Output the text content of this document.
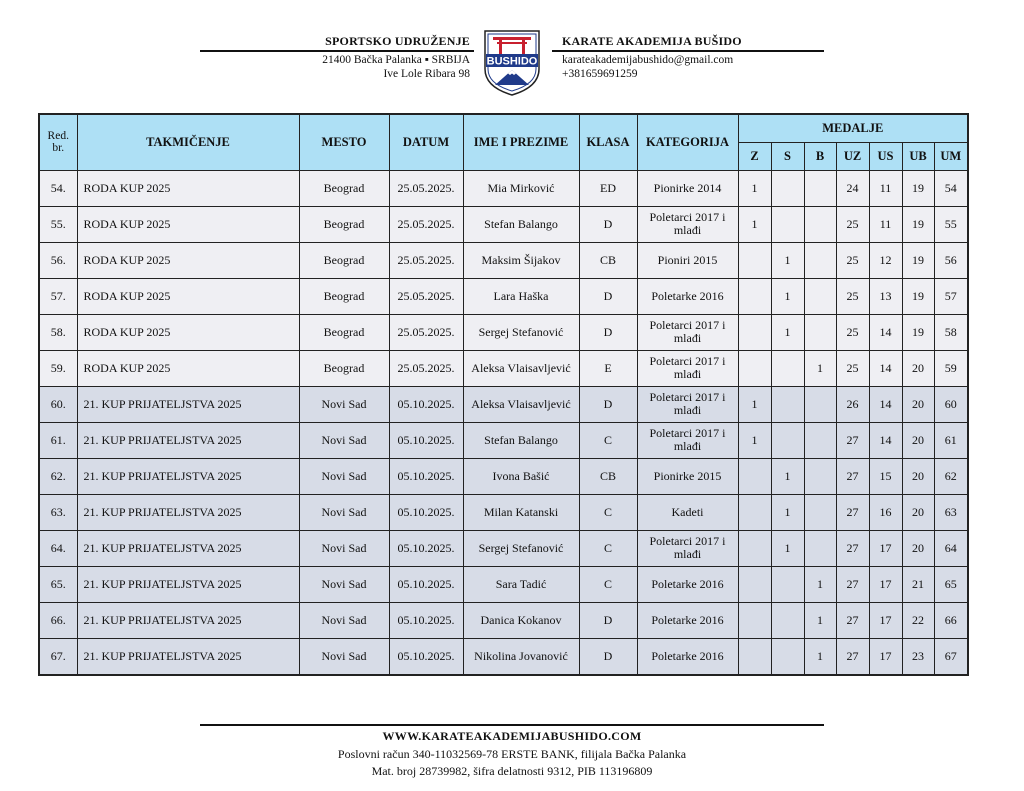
SPORTSKO UDRUŽENJE
21400 Bačka Palanka ▪ SRBIJA
Ive Lole Ribara 98
BUSHIDO
KARATE AKADEMIJA BUŠIDO
karateakademijabushido@gmail.com
+381659691259
Red. br.	TAKMIČENJE	MESTO	DATUM	IME I PREZIME	KLASA	KATEGORIJA	MEDALJE						
							Z	S	B	UZ	US	UB	UM
54.	RODA KUP 2025	Beograd	25.05.2025.	Mia Mirković	ED	Pionirke 2014	1			24	11	19	54
55.	RODA KUP 2025	Beograd	25.05.2025.	Stefan Balango	D	Poletarci 2017 i mlađi	1			25	11	19	55
56.	RODA KUP 2025	Beograd	25.05.2025.	Maksim Šijakov	CB	Pioniri 2015		1		25	12	19	56
57.	RODA KUP 2025	Beograd	25.05.2025.	Lara Haška	D	Poletarke 2016		1		25	13	19	57
58.	RODA KUP 2025	Beograd	25.05.2025.	Sergej Stefanović	D	Poletarci 2017 i mlađi		1		25	14	19	58
59.	RODA KUP 2025	Beograd	25.05.2025.	Aleksa Vlaisavljević	E	Poletarci 2017 i mlađi			1	25	14	20	59
60.	21. KUP PRIJATELJSTVA 2025	Novi Sad	05.10.2025.	Aleksa Vlaisavljević	D	Poletarci 2017 i mlađi	1			26	14	20	60
61.	21. KUP PRIJATELJSTVA 2025	Novi Sad	05.10.2025.	Stefan Balango	C	Poletarci 2017 i mlađi	1			27	14	20	61
62.	21. KUP PRIJATELJSTVA 2025	Novi Sad	05.10.2025.	Ivona Bašić	CB	Pionirke 2015		1		27	15	20	62
63.	21. KUP PRIJATELJSTVA 2025	Novi Sad	05.10.2025.	Milan Katanski	C	Kadeti		1		27	16	20	63
64.	21. KUP PRIJATELJSTVA 2025	Novi Sad	05.10.2025.	Sergej Stefanović	C	Poletarci 2017 i mlađi		1		27	17	20	64
65.	21. KUP PRIJATELJSTVA 2025	Novi Sad	05.10.2025.	Sara Tadić	C	Poletarke 2016			1	27	17	21	65
66.	21. KUP PRIJATELJSTVA 2025	Novi Sad	05.10.2025.	Danica Kokanov	D	Poletarke 2016			1	27	17	22	66
67.	21. KUP PRIJATELJSTVA 2025	Novi Sad	05.10.2025.	Nikolina Jovanović	D	Poletarke 2016			1	27	17	23	67
WWW.KARATEAKADEMIJABUSHIDO.COM
Poslovni račun 340-11032569-78 ERSTE BANK, filijala Bačka Palanka
Mat. broj 28739982, šifra delatnosti 9312, PIB 113196809
